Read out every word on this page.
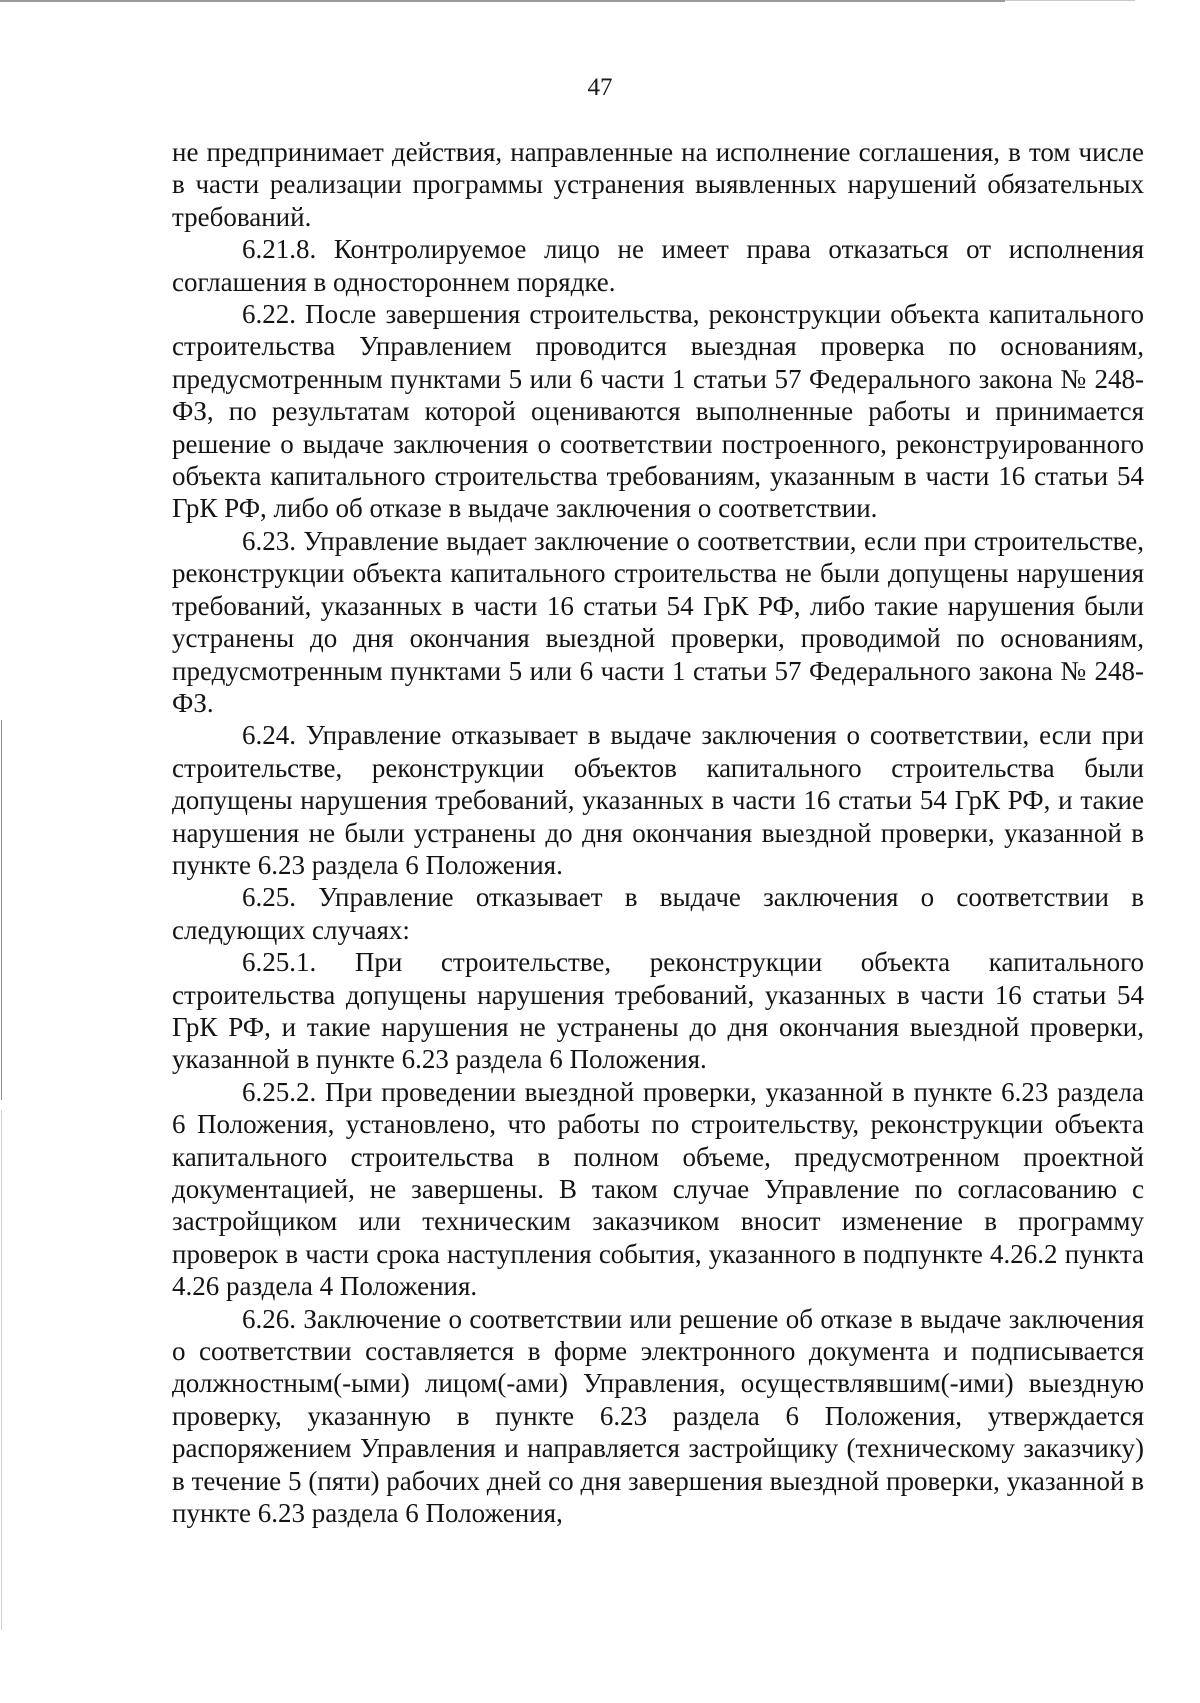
47

не предпринимает действия, направленные на исполнение соглашения, в том числе в части реализации программы устранения выявленных нарушений обязательных требований.

6.21.8. Контролируемое лицо не имеет права отказаться от исполнения соглашения в одностороннем порядке.

6.22. После завершения строительства, реконструкции объекта капитального строительства Управлением проводится выездная проверка по основаниям, предусмотренным пунктами 5 или 6 части 1 статьи 57 Федерального закона № 248-ФЗ, по результатам которой оцениваются выполненные работы и принимается решение о выдаче заключения о соответствии построенного, реконструированного объекта капитального строительства требованиям, указанным в части 16 статьи 54 ГрК РФ, либо об отказе в выдаче заключения о соответствии.

6.23. Управление выдает заключение о соответствии, если при строительстве, реконструкции объекта капитального строительства не были допущены нарушения требований, указанных в части 16 статьи 54 ГрК РФ, либо такие нарушения были устранены до дня окончания выездной проверки, проводимой по основаниям, предусмотренным пунктами 5 или 6 части 1 статьи 57 Федерального закона № 248-ФЗ.

6.24. Управление отказывает в выдаче заключения о соответствии, если при строительстве, реконструкции объектов капитального строительства были допущены нарушения требований, указанных в части 16 статьи 54 ГрК РФ, и такие нарушения не были устранены до дня окончания выездной проверки, указанной в пункте 6.23 раздела 6 Положения.

6.25. Управление отказывает в выдаче заключения о соответствии в следующих случаях:

6.25.1. При строительстве, реконструкции объекта капитального строительства допущены нарушения требований, указанных в части 16 статьи 54 ГрК РФ, и такие нарушения не устранены до дня окончания выездной проверки, указанной в пункте 6.23 раздела 6 Положения.

6.25.2. При проведении выездной проверки, указанной в пункте 6.23 раздела 6 Положения, установлено, что работы по строительству, реконструкции объекта капитального строительства в полном объеме, предусмотренном проектной документацией, не завершены. В таком случае Управление по согласованию с застройщиком или техническим заказчиком вносит изменение в программу проверок в части срока наступления события, указанного в подпункте 4.26.2 пункта 4.26 раздела 4 Положения.

6.26. Заключение о соответствии или решение об отказе в выдаче заключения о соответствии составляется в форме электронного документа и подписывается должностным(-ыми) лицом(-ами) Управления, осуществлявшим(-ими) выездную проверку, указанную в пункте 6.23 раздела 6 Положения, утверждается распоряжением Управления и направляется застройщику (техническому заказчику) в течение 5 (пяти) рабочих дней со дня завершения выездной проверки, указанной в пункте 6.23 раздела 6 Положения,
